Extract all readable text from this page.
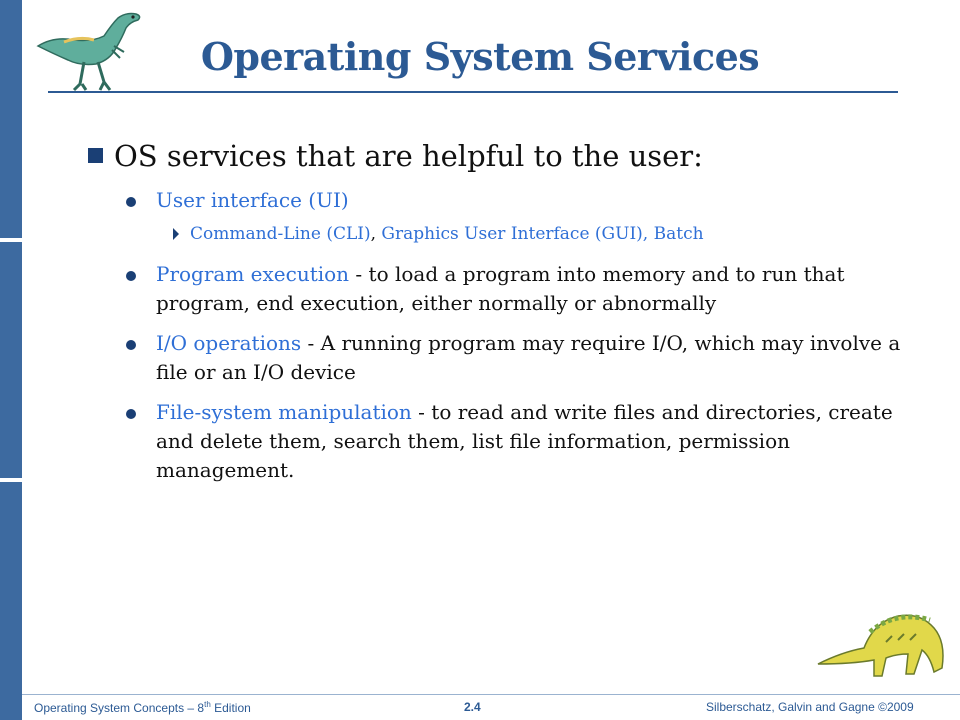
Operating System Services
OS services that are helpful to the user:
User interface (UI)
Command-Line (CLI), Graphics User Interface (GUI), Batch
Program execution - to load a program into memory and to run that program, end execution, either normally or abnormally
I/O operations - A running program may require I/O, which may involve a file or an I/O device
File-system manipulation - to read and write files and directories, create and delete them, search them, list file information, permission management.
Operating System Concepts – 8th Edition	2.4	Silberschatz, Galvin and Gagne ©2009
